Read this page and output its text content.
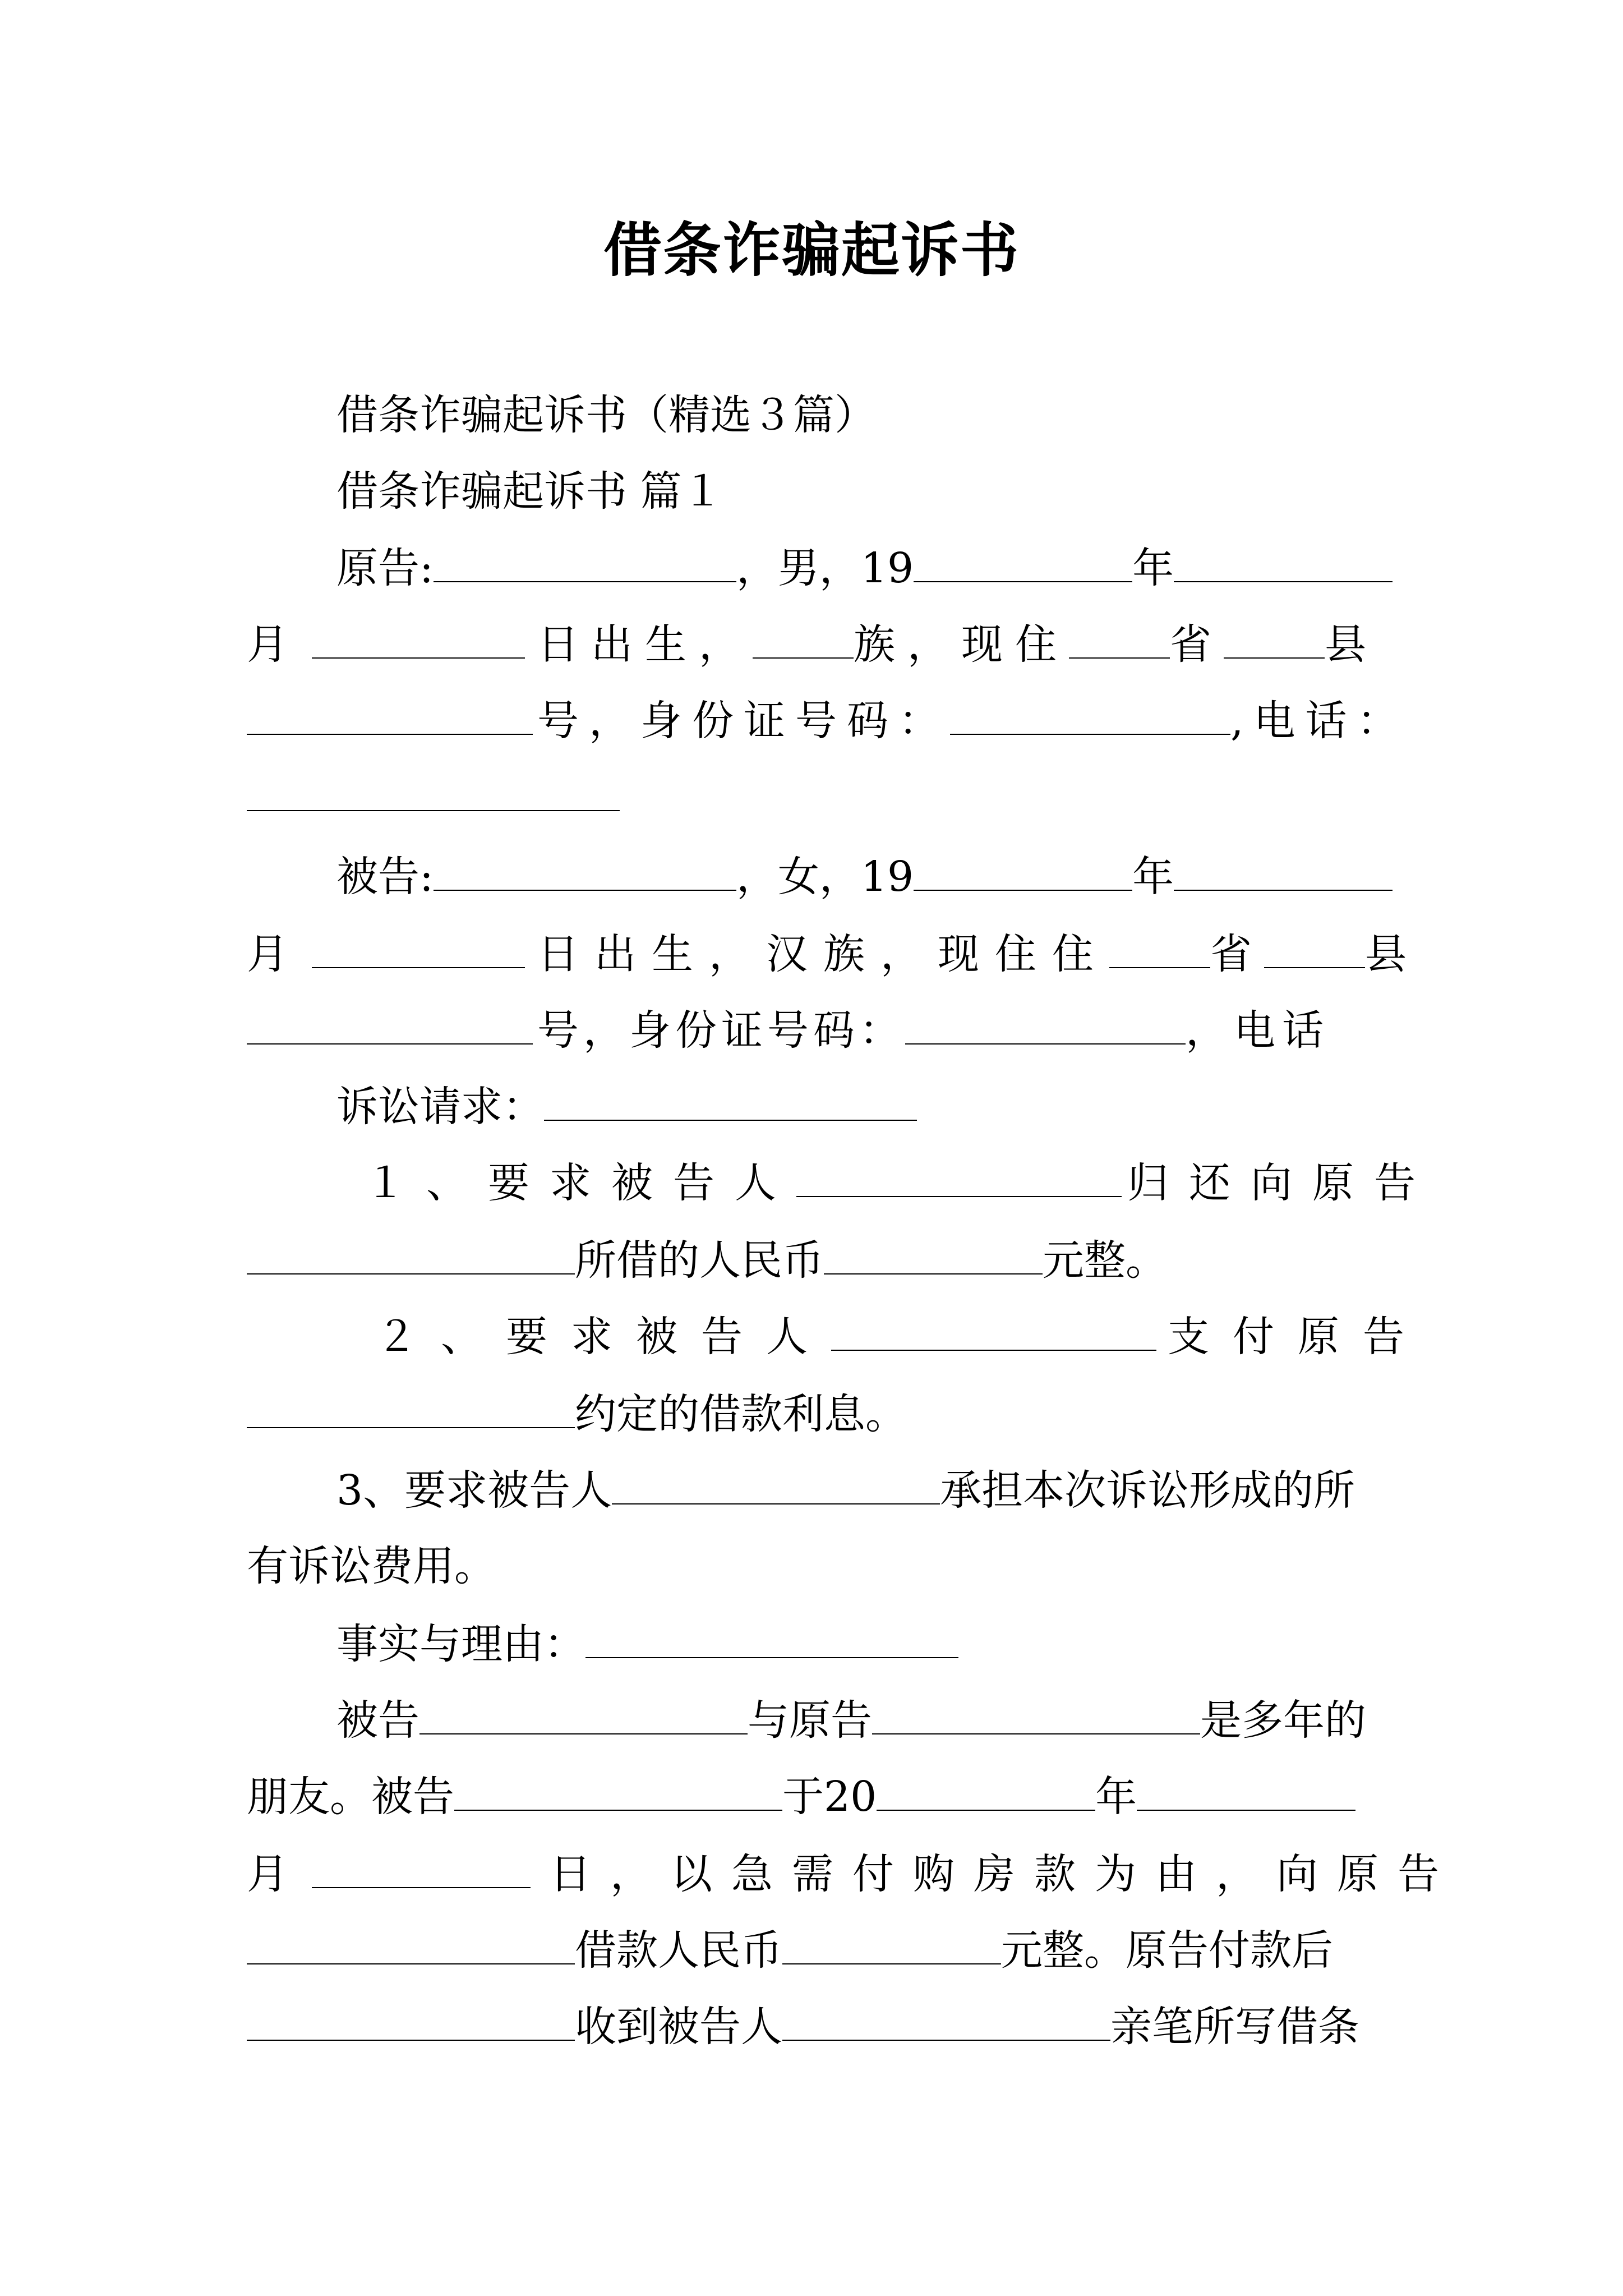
借条诈骗起诉书
借条诈骗起诉书（精选３篇）
借条诈骗起诉书 篇１
原告:	，男，19	年
月	日出生， 族，现住 省 县
号，身份证号码：	,电话：
被告:	，女，19	年
月	日出生，汉族，现住住 省 县
号，身份证号码：	，电话
诉讼请求：
１、要求被告人	归还向原告
所借的人民币	元整。
２、要求被告人	支付原告
约定的借款利息。
3、要求被告人	承担本次诉讼形成的所
有诉讼费用。
事实与理由：
被告	与原告	是多年的
朋友。被告	于20	年
月	日，以急需付购房款为由，向原告
借款人民币	元整。原告付款后
收到被告人	亲笔所写借条
